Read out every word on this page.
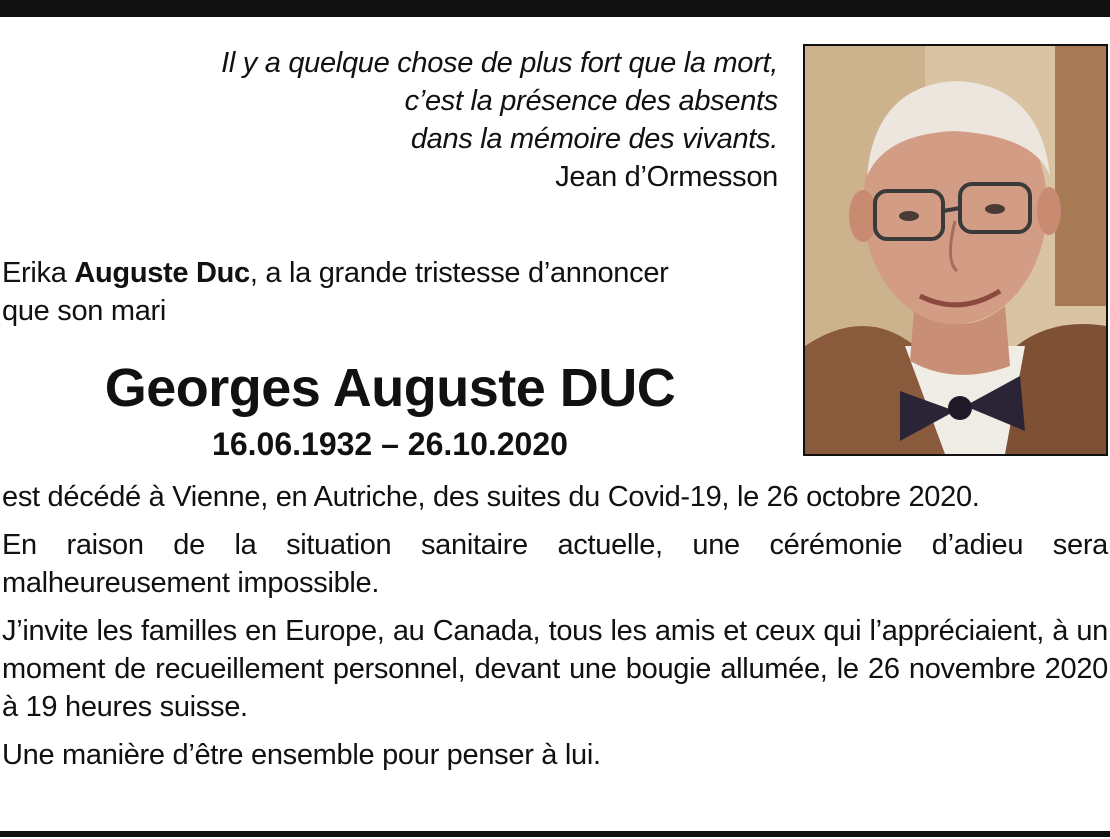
Il y a quelque chose de plus fort que la mort,
c’est la présence des absents
dans la mémoire des vivants.
Jean d’Ormesson
Erika Auguste Duc, a la grande tristesse d’annoncer
que son mari
Georges Auguste DUC
16.06.1932 – 26.10.2020

est décédé à Vienne, en Autriche, des suites du Covid-19, le 26 octobre 2020.

En raison de la situation sanitaire actuelle, une cérémonie d’adieu sera malheureusement impossible.

J’invite les familles en Europe, au Canada, tous les amis et ceux qui l’appréciaient, à un moment de recueillement personnel, devant une bougie allumée, le 26 novembre 2020 à 19 heures suisse.

Une manière d’être ensemble pour penser à lui.
